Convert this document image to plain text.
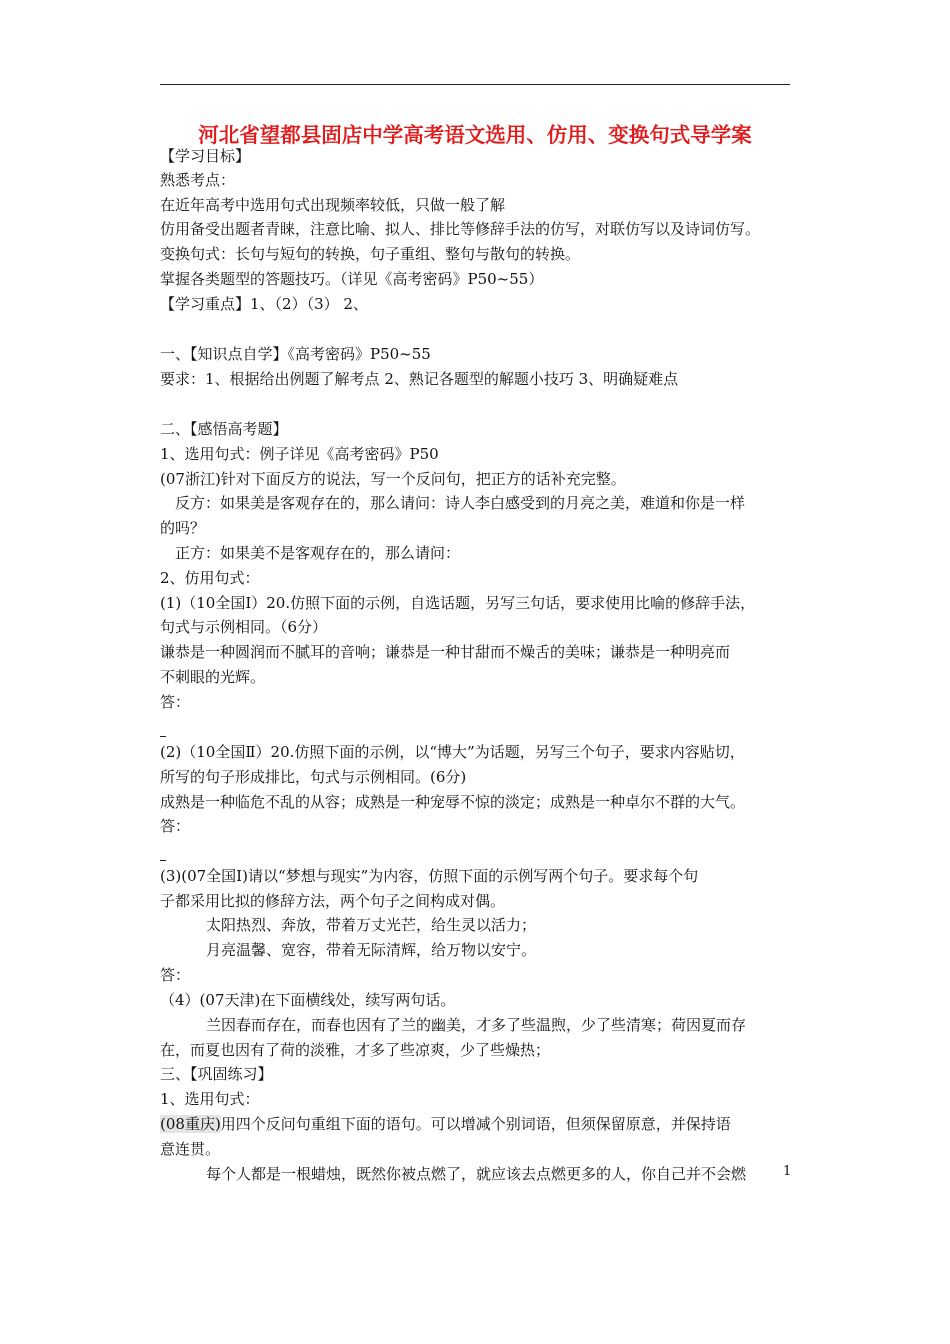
河北省望都县固店中学高考语文选用、仿用、变换句式导学案
【学习目标】
熟悉考点：
在近年高考中选用句式出现频率较低，只做一般了解
仿用备受出题者青睐，注意比喻、拟人、排比等修辞手法的仿写，对联仿写以及诗词仿写。
变换句式：长句与短句的转换，句子重组、整句与散句的转换。
掌握各类题型的答题技巧。（详见《高考密码》P50~55）
【学习重点】1、（2）（3） 2、
一、【知识点自学】《高考密码》P50~55
要求：1、根据给出例题了解考点 2、熟记各题型的解题小技巧 3、明确疑难点
二、【感悟高考题】
1、选用句式：例子详见《高考密码》P50
(07浙江)针对下面反方的说法，写一个反问句，把正方的话补充完整。
反方：如果美是客观存在的，那么请问：诗人李白感受到的月亮之美，难道和你是一样
的吗？
正方：如果美不是客观存在的，那么请问：
2、仿用句式：
(1)（10全国Ⅰ）20.仿照下面的示例，自选话题，另写三句话，要求使用比喻的修辞手法，
句式与示例相同。（6分）
谦恭是一种圆润而不腻耳的音响；谦恭是一种甘甜而不燥舌的美味；谦恭是一种明亮而
不刺眼的光辉。
答：
(2)（10全国Ⅱ）20.仿照下面的示例，以“博大”为话题，另写三个句子，要求内容贴切，
所写的句子形成排比，句式与示例相同。(6分)
成熟是一种临危不乱的从容；成熟是一种宠辱不惊的淡定；成熟是一种卓尔不群的大气。
答：
(3)(07全国Ⅰ)请以“梦想与现实”为内容，仿照下面的示例写两个句子。要求每个句
子都采用比拟的修辞方法，两个句子之间构成对偶。
太阳热烈、奔放，带着万丈光芒，给生灵以活力；
月亮温馨、宽容，带着无际清辉，给万物以安宁。
答：
（4）(07天津)在下面横线处，续写两句话。
兰因春而存在，而春也因有了兰的幽美，才多了些温煦，少了些清寒；荷因夏而存
在，而夏也因有了荷的淡雅，才多了些凉爽，少了些燥热；
三、【巩固练习】
1、选用句式：
(08重庆)用四个反问句重组下面的语句。可以增减个别词语，但须保留原意，并保持语
意连贯。
每个人都是一根蜡烛，既然你被点燃了，就应该去点燃更多的人，你自己并不会燃	1
